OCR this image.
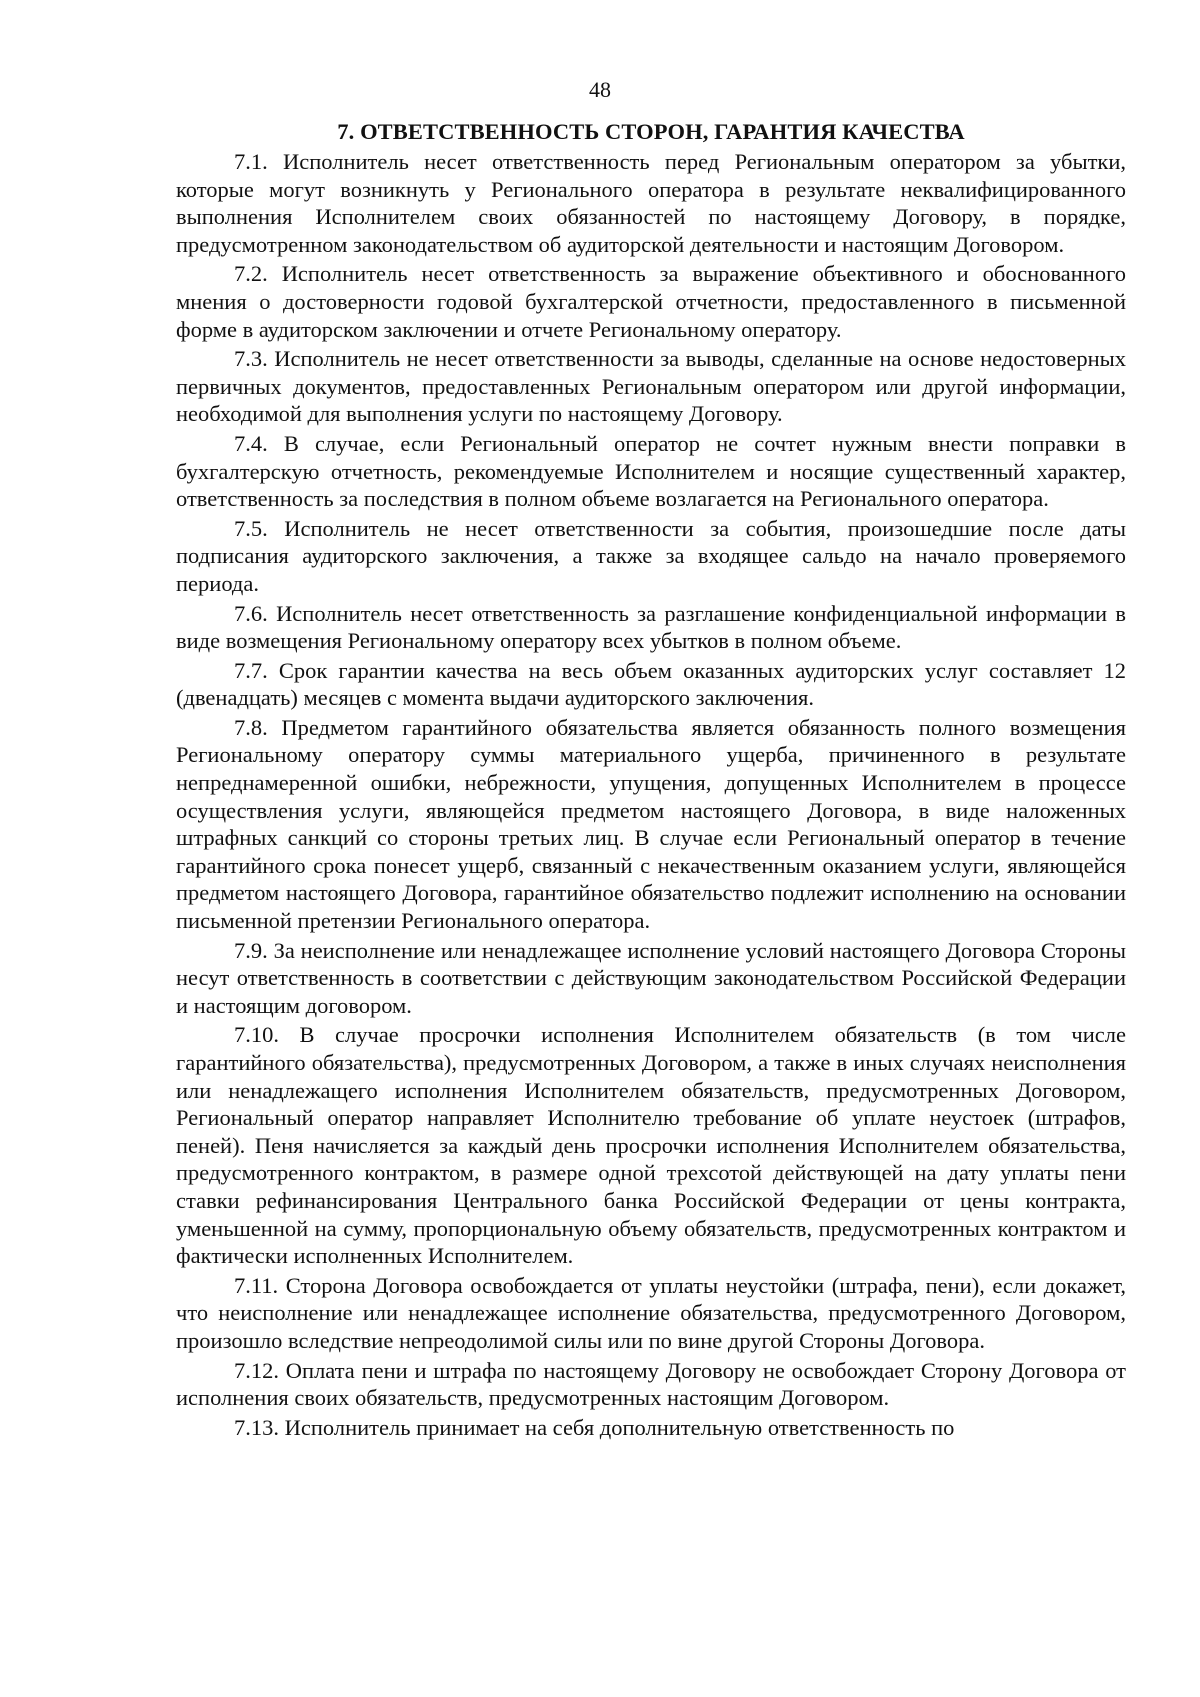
48
7. ОТВЕТСТВЕННОСТЬ СТОРОН, ГАРАНТИЯ КАЧЕСТВА

7.1. Исполнитель несет ответственность перед Региональным оператором за убытки, которые могут возникнуть у Регионального оператора в результате неквалифицированного выполнения Исполнителем своих обязанностей по настоящему Договору, в порядке, предусмотренном законодательством об аудиторской деятельности и настоящим Договором.

7.2. Исполнитель несет ответственность за выражение объективного и обоснованного мнения о достоверности годовой бухгалтерской отчетности, предоставленного в письменной форме в аудиторском заключении и отчете Региональному оператору.

7.3. Исполнитель не несет ответственности за выводы, сделанные на основе недостоверных первичных документов, предоставленных Региональным оператором или другой информации, необходимой для выполнения услуги по настоящему Договору.

7.4. В случае, если Региональный оператор не сочтет нужным внести поправки в бухгалтерскую отчетность, рекомендуемые Исполнителем и носящие существенный характер, ответственность за последствия в полном объеме возлагается на Регионального оператора.

7.5. Исполнитель не несет ответственности за события, произошедшие после даты подписания аудиторского заключения, а также за входящее сальдо на начало проверяемого периода.

7.6. Исполнитель несет ответственность за разглашение конфиденциальной информации в виде возмещения Региональному оператору всех убытков в полном объеме.

7.7. Срок гарантии качества на весь объем оказанных аудиторских услуг составляет 12 (двенадцать) месяцев с момента выдачи аудиторского заключения.

7.8. Предметом гарантийного обязательства является обязанность полного возмещения Региональному оператору суммы материального ущерба, причиненного в результате непреднамеренной ошибки, небрежности, упущения, допущенных Исполнителем в процессе осуществления услуги, являющейся предметом настоящего Договора, в виде наложенных штрафных санкций со стороны третьих лиц. В случае если Региональный оператор в течение гарантийного срока понесет ущерб, связанный с некачественным оказанием услуги, являющейся предметом настоящего Договора, гарантийное обязательство подлежит исполнению на основании письменной претензии Регионального оператора.

7.9. За неисполнение или ненадлежащее исполнение условий настоящего Договора Стороны несут ответственность в соответствии с действующим законодательством Российской Федерации и настоящим договором.

7.10. В случае просрочки исполнения Исполнителем обязательств (в том числе гарантийного обязательства), предусмотренных Договором, а также в иных случаях неисполнения или ненадлежащего исполнения Исполнителем обязательств, предусмотренных Договором, Региональный оператор направляет Исполнителю требование об уплате неустоек (штрафов, пеней). Пеня начисляется за каждый день просрочки исполнения Исполнителем обязательства, предусмотренного контрактом, в размере одной трехсотой действующей на дату уплаты пени ставки рефинансирования Центрального банка Российской Федерации от цены контракта, уменьшенной на сумму, пропорциональную объему обязательств, предусмотренных контрактом и фактически исполненных Исполнителем.

7.11. Сторона Договора освобождается от уплаты неустойки (штрафа, пени), если докажет, что неисполнение или ненадлежащее исполнение обязательства, предусмотренного Договором, произошло вследствие непреодолимой силы или по вине другой Стороны Договора.

7.12. Оплата пени и штрафа по настоящему Договору не освобождает Сторону Договора от исполнения своих обязательств, предусмотренных настоящим Договором.

7.13. Исполнитель принимает на себя дополнительную ответственность по
